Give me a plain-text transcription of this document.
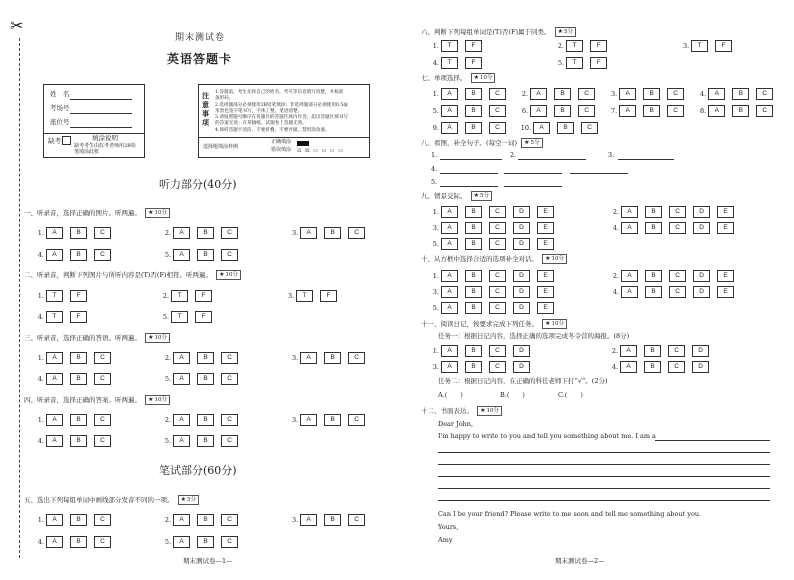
✂
期末测试卷
英语答题卡
姓　名
考场号
座位号
缺考	填涂说明
缺考考生由监考老师用2B铅笔填涂此框
注意事项
1.答题前，考生先将自己的姓名、考号等信息填写清楚，并核准
条形码。
2.选择题部分必须使用2B铅笔填涂；非选择题部分必须使用0.5毫
米黑色签字笔书写，字体工整、笔迹清楚。
3.请按照题号顺序在各题目的答题区域内作答，超出答题区域书写
的答案无效；在草稿纸、试题卷上答题无效。
4.保持答题卡清洁，不要折叠，不要弄破，禁用涂改液。
选择题填涂样例
正确填涂
错误填涂 ☑ ☒ ▭ ▭ ▭ ▭
听力部分(40分)
一、听录音，选择正确的图片。听两遍。 ★10分
1. A	B	C	2. A	B	C	3. A	B	C
4. A	B	C	5. A	B	C
二、听录音，判断下列图片与所听内容是(T)否(F)相符。听两遍。 ★10分
1. T	F	2. T	F	3. T	F
4. T	F	5. T	F
三、听录音，选择正确的答语。听两遍。 ★10分
1. A	B	C	2. A	B	C	3. A	B	C
4. A	B	C	5. A	B	C
四、听录音，选择正确的答案。听两遍。 ★10分
1. A	B	C	2. A	B	C	3. A	B	C
4. A	B	C	5. A	B	C
笔试部分(60分)
五、选出下列每组单词中画线部分发音不同的一项。 ★5分
1. A	B	C	2. A	B	C	3. A	B	C
4. A	B	C	5. A	B	C
期末测试卷—1—
六、判断下列每组单词是(T)否(F)属于同类。 ★5分
1. T	F	2. T	F	3. T	F
4. T	F	5. T	F
七、单项选择。 ★10分
1. A	B	C	2. A	B	C	3. A	B	C	4. A	B	C
5. A	B	C	6. A	B	C	7. A	B	C	8. A	B	C
9. A	B	C	10. A	B	C
八、看图，补全句子。(每空一词) ★5分
1.	2.	3.
4.
5.
九、情景交际。 ★5分
1. A	B	C	D	E	2. A	B	C	D	E
3. A	B	C	D	E	4. A	B	C	D	E
5. A	B	C	D	E
十、从方框中选择合适的选项补全对话。 ★10分
1. A	B	C	D	E	2. A	B	C	D	E
3. A	B	C	D	E	4. A	B	C	D	E
5. A	B	C	D	E
十一、阅读日记，按要求完成下列任务。 ★10分
任务一：根据日记内容，选择正确的选项完成冬令营的海报。(8分)
1. A	B	C	D	2. A	B	C	D
3. A	B	C	D	4. A	B	C	D
任务二：根据日记内容，在正确的科任老师下打“√”。(2分)
A.(　　)	B.(　　)	C.(　　)
十二、书面表达。 ★10分
Dear John,
I'm happy to write to you and tell you something about me. I am a
Can I be your friend? Please write to me soon and tell me something about you.
Yours,
Amy
期末测试卷—2—
